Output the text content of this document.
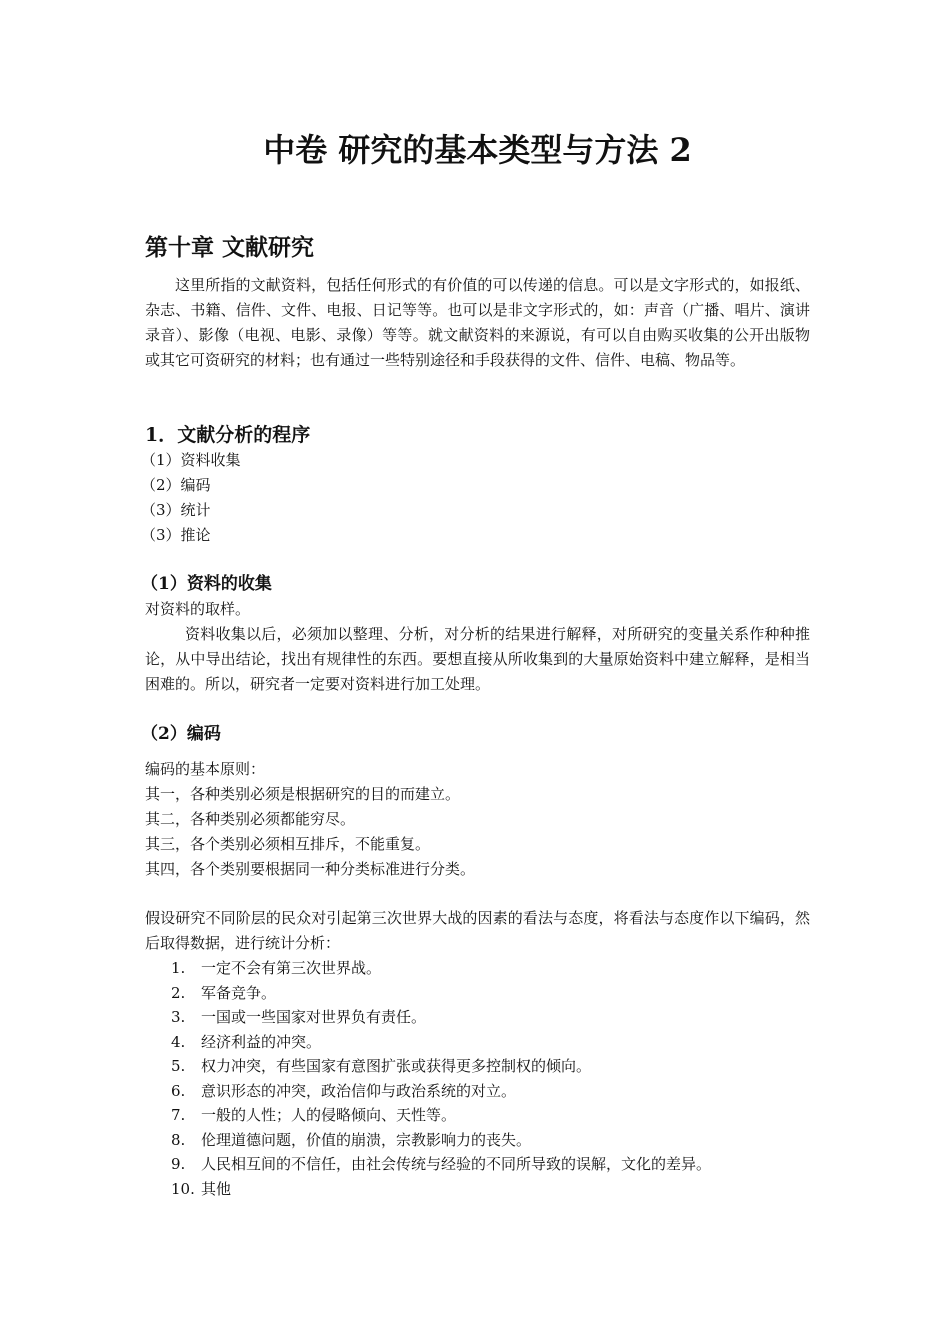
中卷 研究的基本类型与方法 2
第十章 文献研究

这里所指的文献资料，包括任何形式的有价值的可以传递的信息。可以是文字形式的，如报纸、杂志、书籍、信件、文件、电报、日记等等。也可以是非文字形式的，如：声音（广播、唱片、演讲录音）、影像（电视、电影、录像）等等。就文献资料的来源说，有可以自由购买收集的公开出版物或其它可资研究的材料；也有通过一些特别途径和手段获得的文件、信件、电稿、物品等。

1．文献分析的程序

（1）资料收集

（2）编码

（3）统计

（3）推论

（1）资料的收集

对资料的取样。

资料收集以后，必须加以整理、分析，对分析的结果进行解释，对所研究的变量关系作种种推论，从中导出结论，找出有规律性的东西。要想直接从所收集到的大量原始资料中建立解释，是相当困难的。所以，研究者一定要对资料进行加工处理。

（2）编码

编码的基本原则：

其一，各种类别必须是根据研究的目的而建立。

其二，各种类别必须都能穷尽。

其三，各个类别必须相互排斥，不能重复。

其四，各个类别要根据同一种分类标准进行分类。

假设研究不同阶层的民众对引起第三次世界大战的因素的看法与态度，将看法与态度作以下编码，然后取得数据，进行统计分析：

1.	一定不会有第三次世界战。
2.	军备竞争。
3.	一国或一些国家对世界负有责任。
4.	经济利益的冲突。
5.	权力冲突，有些国家有意图扩张或获得更多控制权的倾向。
6.	意识形态的冲突，政治信仰与政治系统的对立。
7.	一般的人性；人的侵略倾向、天性等。
8.	伦理道德问题，价值的崩溃，宗教影响力的丧失。
9.	人民相互间的不信任，由社会传统与经验的不同所导致的误解，文化的差异。
10. 其他
